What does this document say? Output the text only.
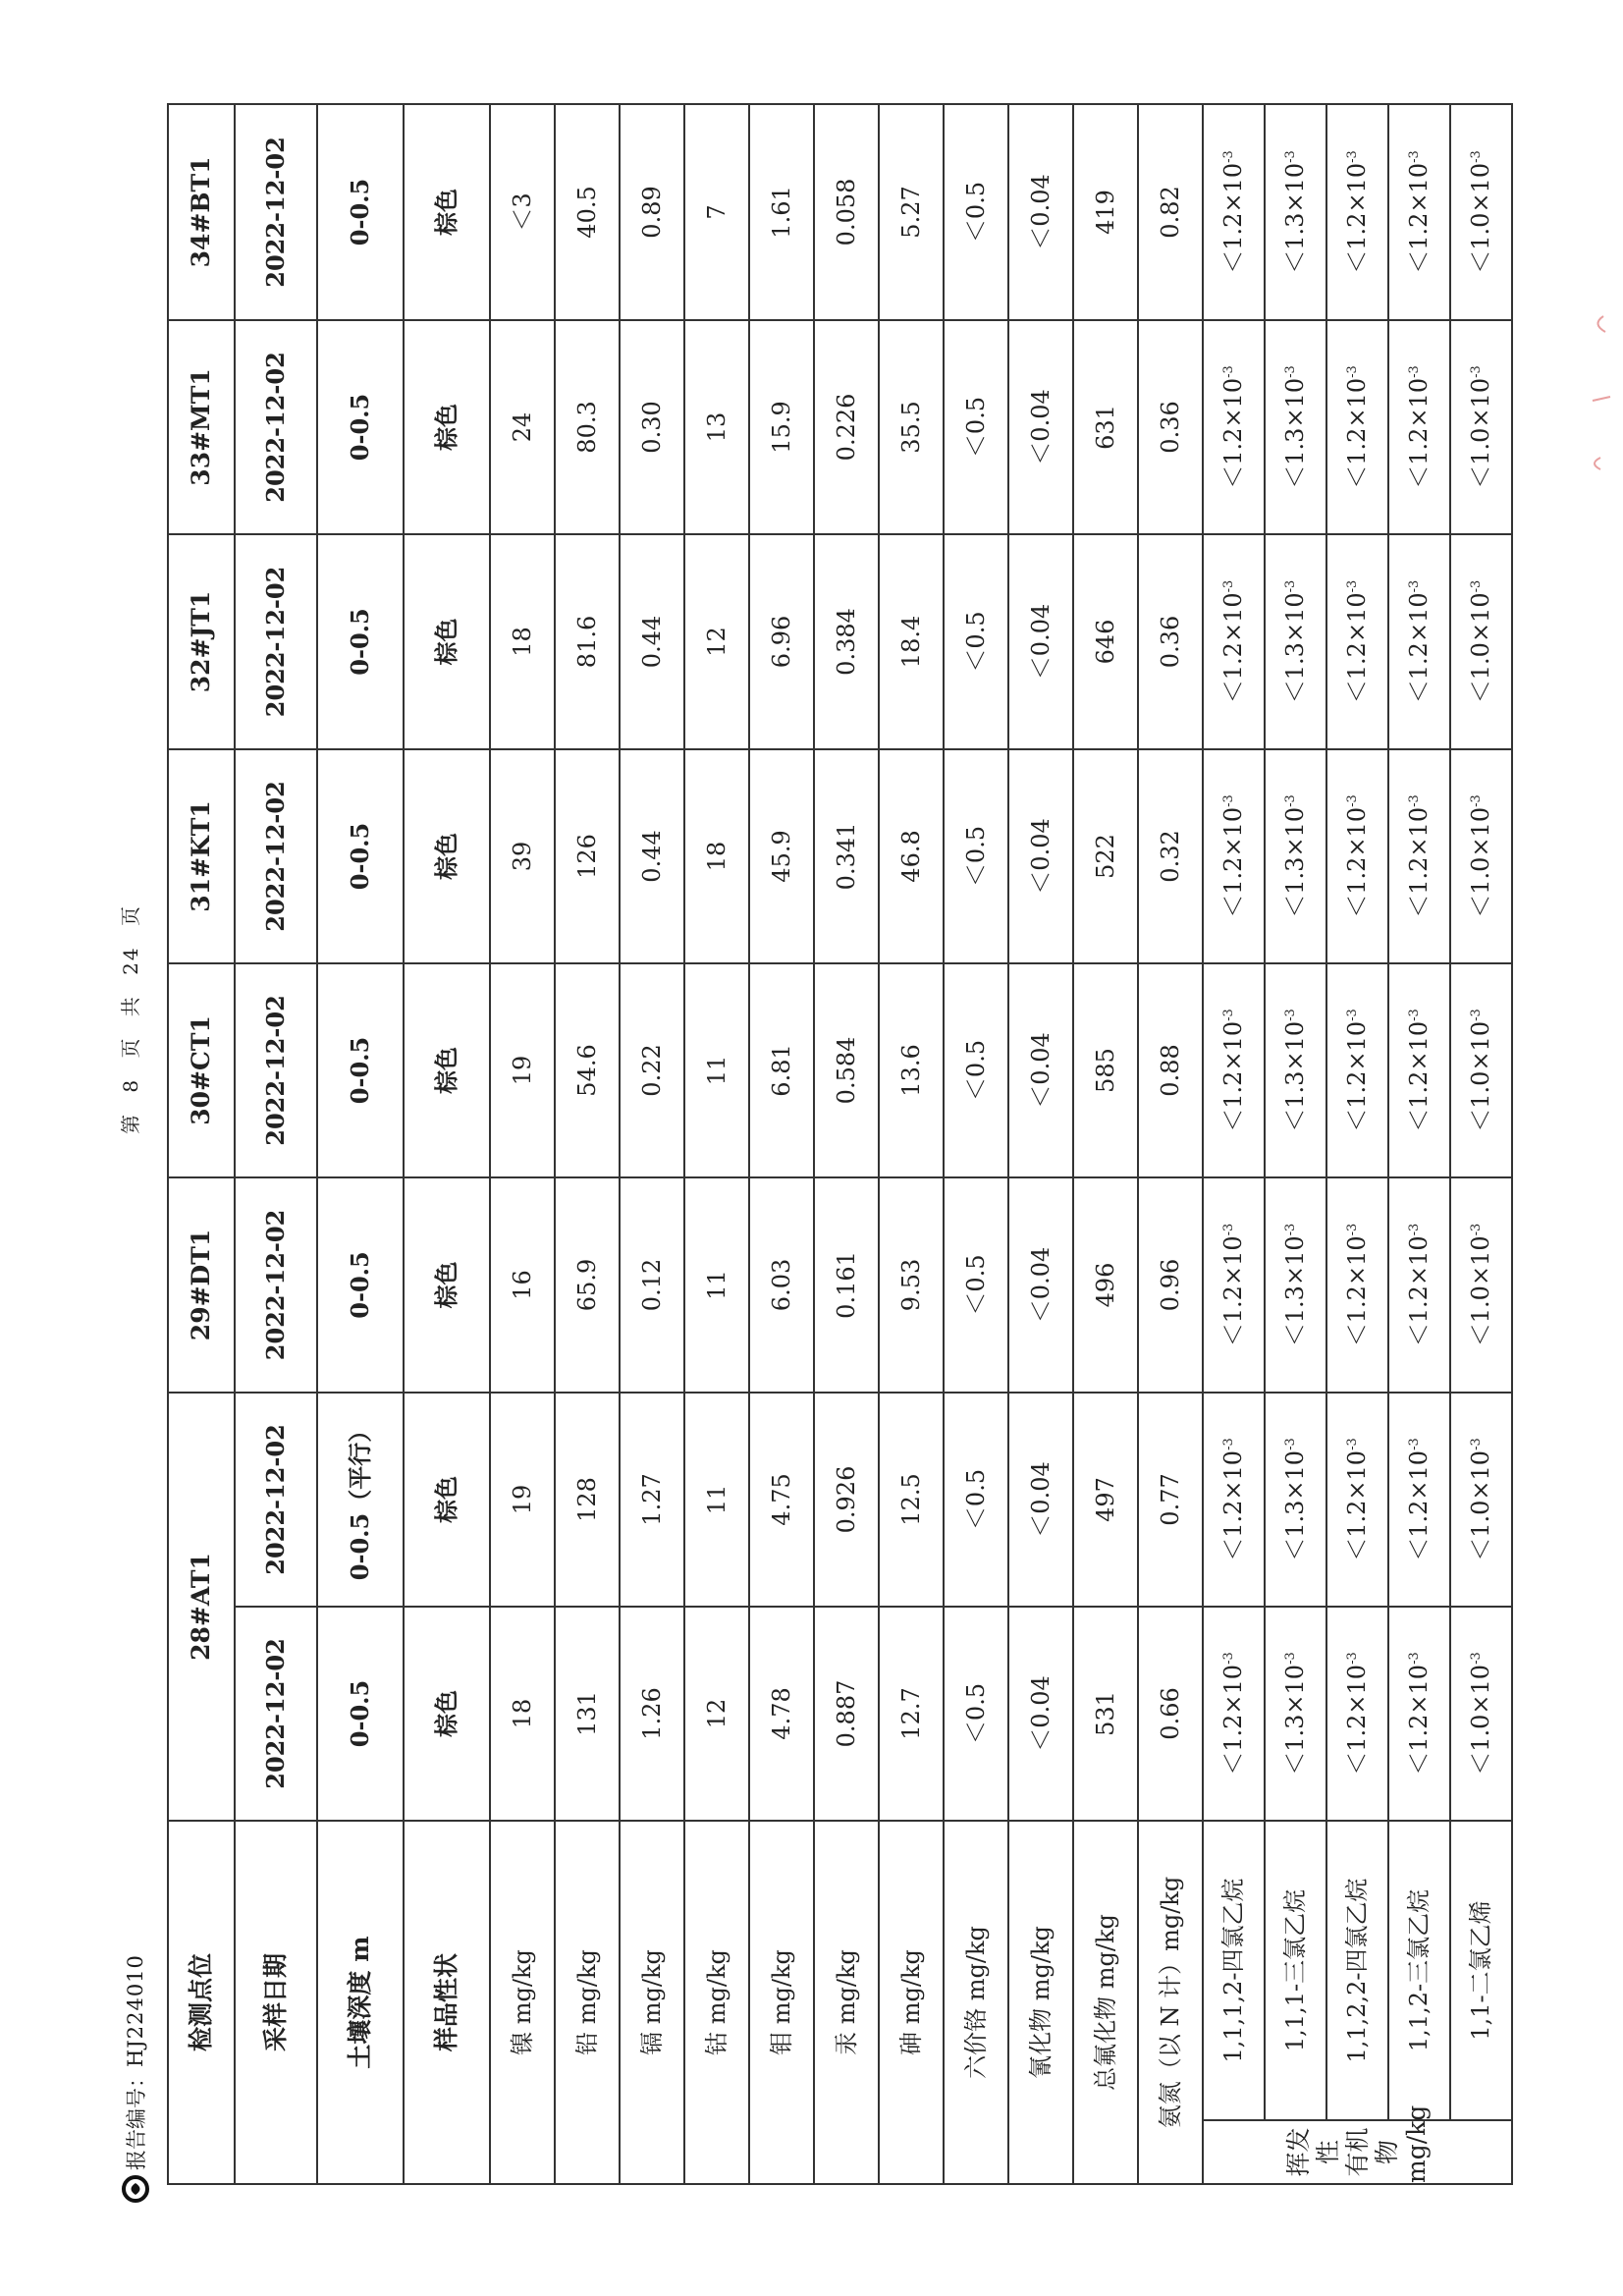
报告编号：
HJ224010
第 8 页 共 24 页
检测点位		28#AT1		29#DT1	30#CT1	31#KT1	32#JT1	33#MT1	34#BT1
采样日期		2022-12-02	2022-12-02	2022-12-02	2022-12-02	2022-12-02	2022-12-02	2022-12-02	2022-12-02
土壤深度 m		0-0.5	0-0.5（平行）	0-0.5	0-0.5	0-0.5	0-0.5	0-0.5	0-0.5
样品性状		棕色	棕色	棕色	棕色	棕色	棕色	棕色	棕色
镍 mg/kg		18	19	16	19	39	18	24	＜3
铅 mg/kg		131	128	65.9	54.6	126	81.6	80.3	40.5
镉 mg/kg		1.26	1.27	0.12	0.22	0.44	0.44	0.30	0.89
钴 mg/kg		12	11	11	11	18	12	13	7
钼 mg/kg		4.78	4.75	6.03	6.81	45.9	6.96	15.9	1.61
汞 mg/kg		0.887	0.926	0.161	0.584	0.341	0.384	0.226	0.058
砷 mg/kg		12.7	12.5	9.53	13.6	46.8	18.4	35.5	5.27
六价铬 mg/kg		＜0.5	＜0.5	＜0.5	＜0.5	＜0.5	＜0.5	＜0.5	＜0.5
氰化物 mg/kg		＜0.04	＜0.04	＜0.04	＜0.04	＜0.04	＜0.04	＜0.04	＜0.04
总氟化物 mg/kg		531	497	496	585	522	646	631	419
氨氮（以 N 计）mg/kg		0.66	0.77	0.96	0.88	0.32	0.36	0.36	0.82

挥发性 有机物 mg/kg	1,1,1,2-四氯乙烷	$<1.2\times 10^{-3}$	$<1.2\times 10^{-3}$	$<1.2\times 10^{-3}$	$<1.2\times 10^{-3}$	$<1.2\times 10^{-3}$	$<1.2\times 10^{-3}$	$<1.2\times 10^{-3}$	$<1.2\times 10^{-3}$
	1,1,1-三氯乙烷	$<1.3\times 10^{-3}$	$<1.3\times 10^{-3}$	$<1.3\times 10^{-3}$	$<1.3\times 10^{-3}$	$<1.3\times 10^{-3}$	$<1.3\times 10^{-3}$	$<1.3\times 10^{-3}$	$<1.3\times 10^{-3}$
	1,1,2,2-四氯乙烷	$<1.2\times 10^{-3}$	$<1.2\times 10^{-3}$	$<1.2\times 10^{-3}$	$<1.2\times 10^{-3}$	$<1.2\times 10^{-3}$	$<1.2\times 10^{-3}$	$<1.2\times 10^{-3}$	$<1.2\times 10^{-3}$
	1,1,2-三氯乙烷	$<1.2\times 10^{-3}$	$<1.2\times 10^{-3}$	$<1.2\times 10^{-3}$	$<1.2\times 10^{-3}$	$<1.2\times 10^{-3}$	$<1.2\times 10^{-3}$	$<1.2\times 10^{-3}$	$<1.2\times 10^{-3}$
	1,1-二氯乙烯	$<1.0\times 10^{-3}$	$<1.0\times 10^{-3}$	$<1.0\times 10^{-3}$	$<1.0\times 10^{-3}$	$<1.0\times 10^{-3}$	$<1.0\times 10^{-3}$	$<1.0\times 10^{-3}$	$<1.0\times 10^{-3}$
